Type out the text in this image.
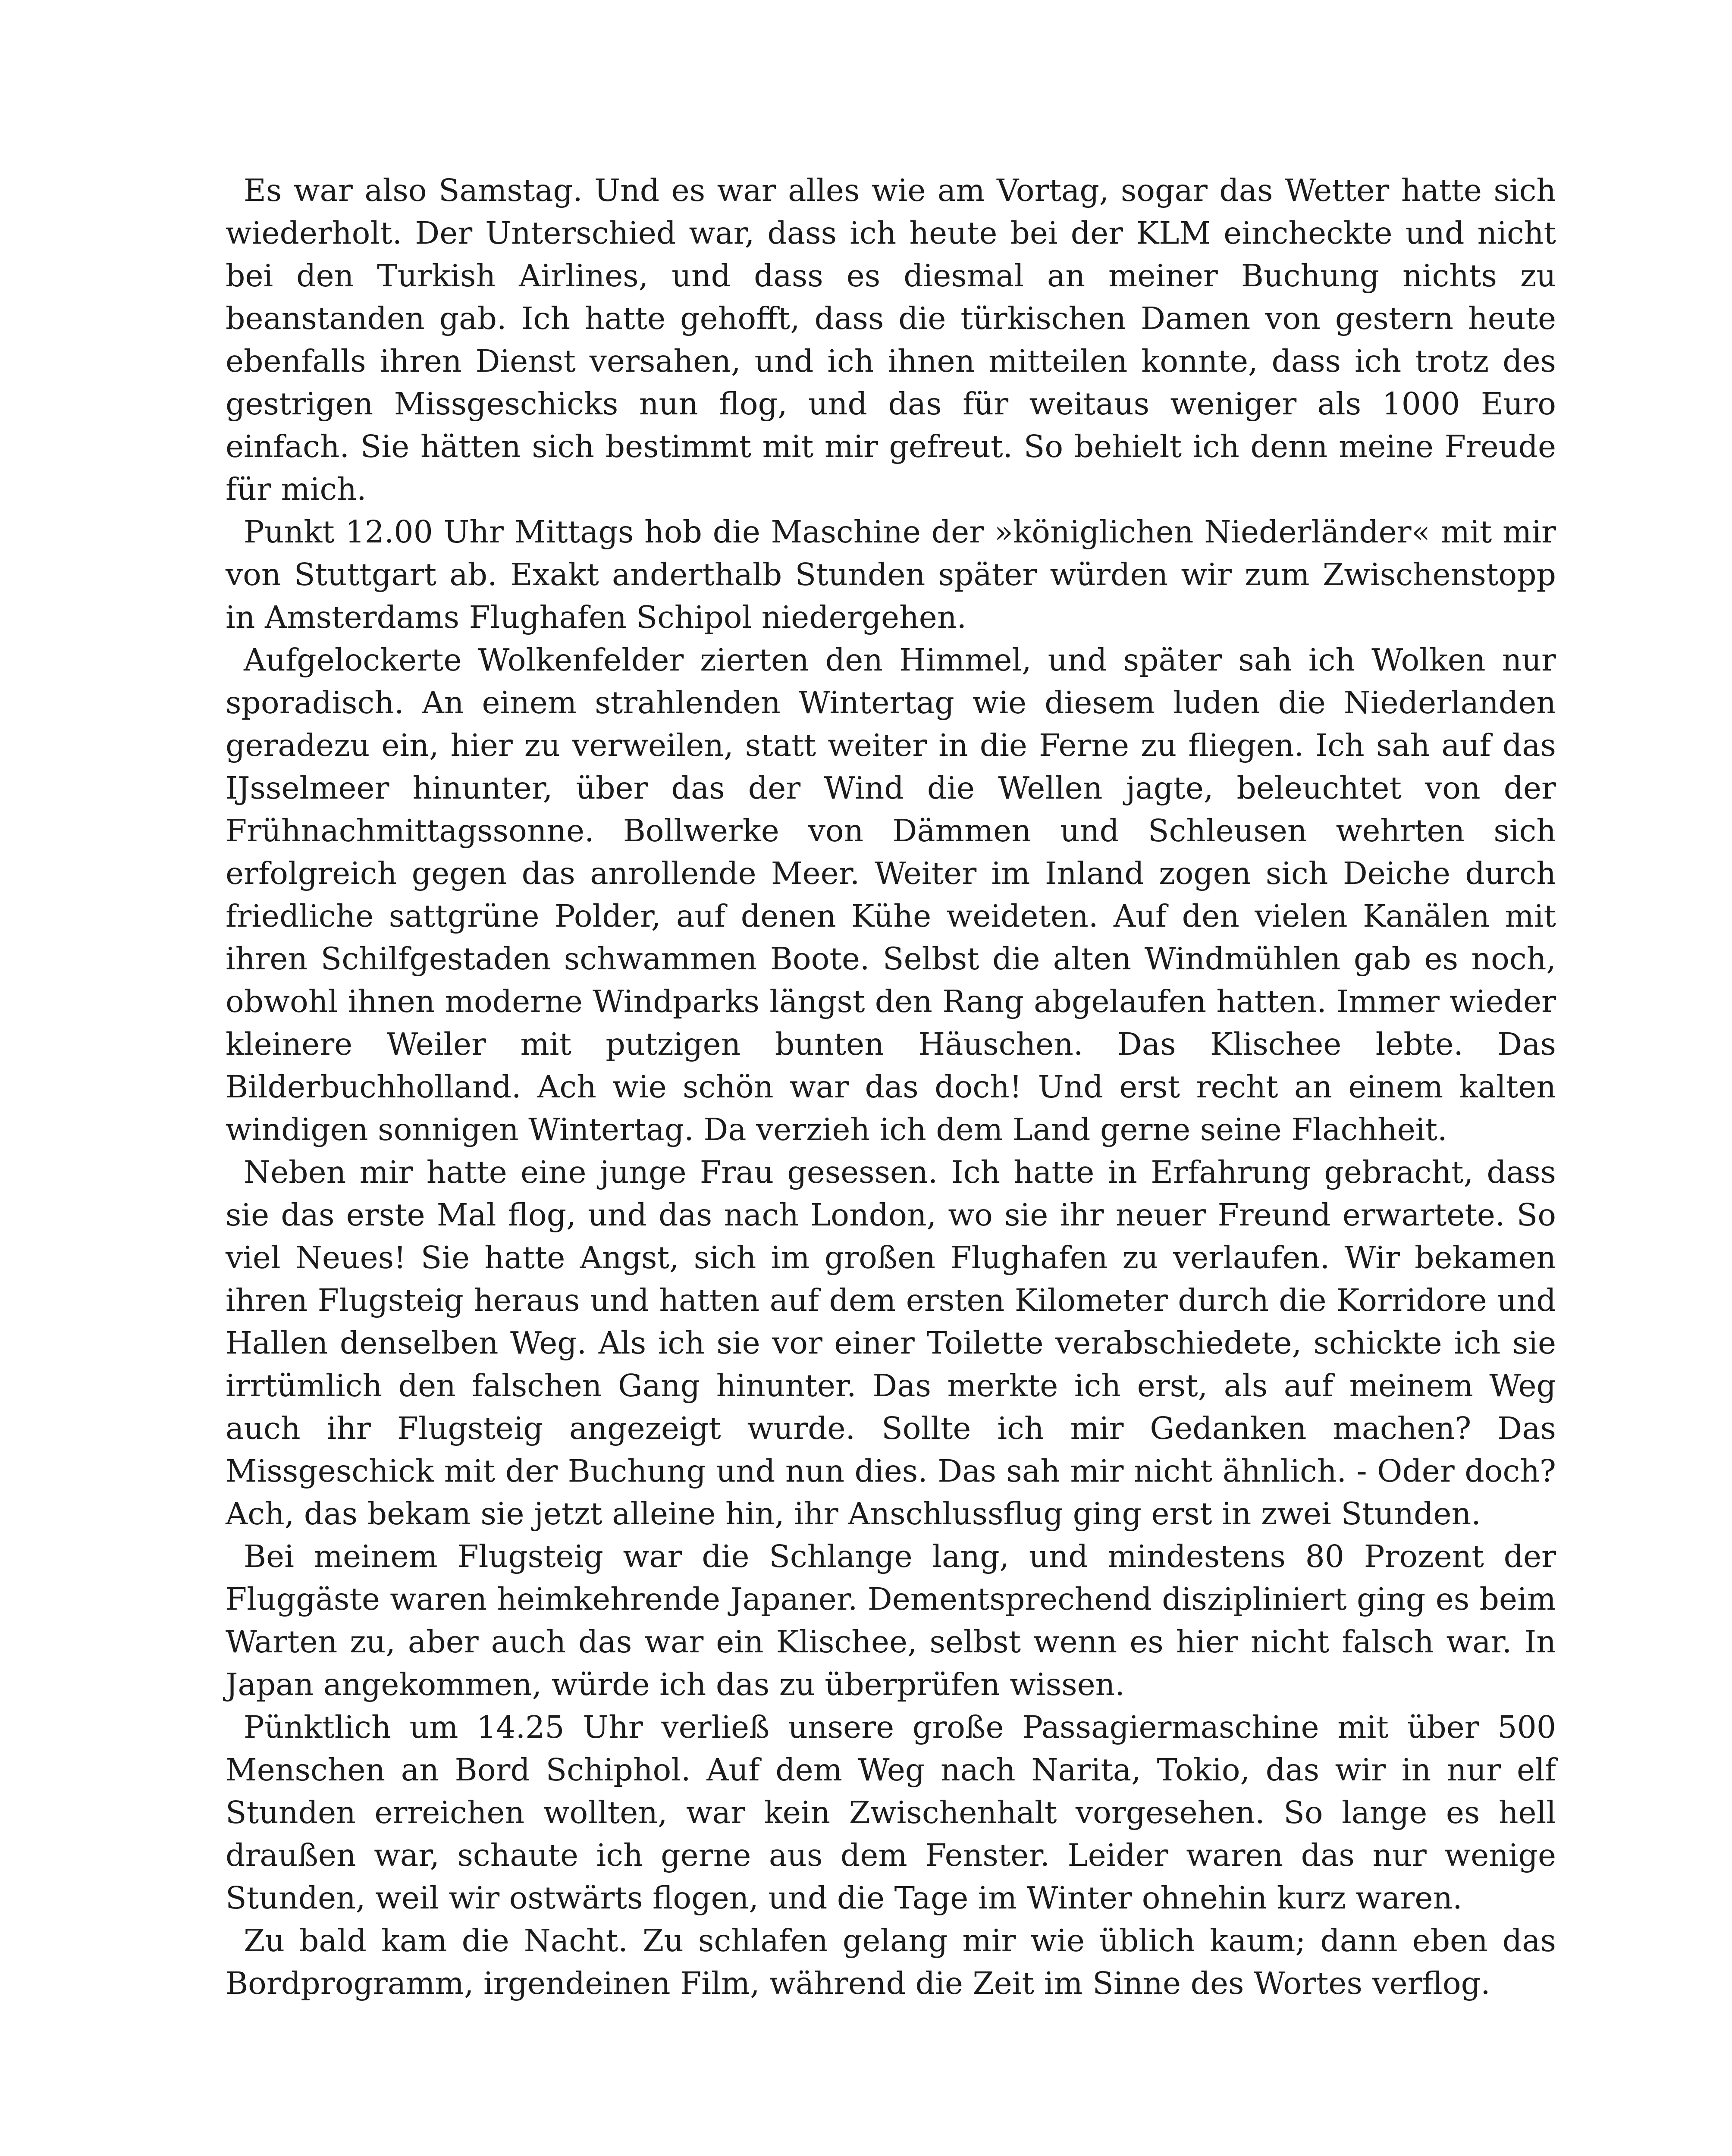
Es war also Samstag. Und es war alles wie am Vortag, sogar das Wetter hatte sich wiederholt. Der Unterschied war, dass ich heute bei der KLM eincheckte und nicht bei den Turkish Airlines, und dass es diesmal an meiner Buchung nichts zu beanstanden gab. Ich hatte gehofft, dass die türkischen Damen von gestern heute ebenfalls ihren Dienst versahen, und ich ihnen mitteilen konnte, dass ich trotz des gestrigen Missgeschicks nun flog, und das für weitaus weniger als 1000 Euro einfach. Sie hätten sich bestimmt mit mir gefreut. So behielt ich denn meine Freude für mich.

Punkt 12.00 Uhr Mittags hob die Maschine der »königlichen Niederländer« mit mir von Stuttgart ab. Exakt anderthalb Stunden später würden wir zum Zwischenstopp in Amsterdams Flughafen Schipol niedergehen.

Aufgelockerte Wolkenfelder zierten den Himmel, und später sah ich Wolken nur sporadisch. An einem strahlenden Wintertag wie diesem luden die Niederlanden geradezu ein, hier zu verweilen, statt weiter in die Ferne zu fliegen. Ich sah auf das IJsselmeer hinunter, über das der Wind die Wellen jagte, beleuchtet von der Frühnachmittagssonne. Bollwerke von Dämmen und Schleusen wehrten sich erfolgreich gegen das anrollende Meer. Weiter im Inland zogen sich Deiche durch friedliche sattgrüne Polder, auf denen Kühe weideten. Auf den vielen Kanälen mit ihren Schilfgestaden schwammen Boote. Selbst die alten Windmühlen gab es noch, obwohl ihnen moderne Windparks längst den Rang abgelaufen hatten. Immer wieder kleinere Weiler mit putzigen bunten Häuschen. Das Klischee lebte. Das Bilderbuchholland. Ach wie schön war das doch! Und erst recht an einem kalten windigen sonnigen Wintertag. Da verzieh ich dem Land gerne seine Flachheit.

Neben mir hatte eine junge Frau gesessen. Ich hatte in Erfahrung gebracht, dass sie das erste Mal flog, und das nach London, wo sie ihr neuer Freund erwartete. So viel Neues! Sie hatte Angst, sich im großen Flughafen zu verlaufen. Wir bekamen ihren Flugsteig heraus und hatten auf dem ersten Kilometer durch die Korridore und Hallen denselben Weg. Als ich sie vor einer Toilette verabschiedete, schickte ich sie irrtümlich den falschen Gang hinunter. Das merkte ich erst, als auf meinem Weg auch ihr Flugsteig angezeigt wurde. Sollte ich mir Gedanken machen? Das Missgeschick mit der Buchung und nun dies. Das sah mir nicht ähnlich. - Oder doch? Ach, das bekam sie jetzt alleine hin, ihr Anschlussflug ging erst in zwei Stunden.

Bei meinem Flugsteig war die Schlange lang, und mindestens 80 Prozent der Fluggäste waren heimkehrende Japaner. Dementsprechend diszipliniert ging es beim Warten zu, aber auch das war ein Klischee, selbst wenn es hier nicht falsch war. In Japan angekommen, würde ich das zu überprüfen wissen.

Pünktlich um 14.25 Uhr verließ unsere große Passagiermaschine mit über 500 Menschen an Bord Schiphol. Auf dem Weg nach Narita, Tokio, das wir in nur elf Stunden erreichen wollten, war kein Zwischenhalt vorgesehen. So lange es hell draußen war, schaute ich gerne aus dem Fenster. Leider waren das nur wenige Stunden, weil wir ostwärts flogen, und die Tage im Winter ohnehin kurz waren.

Zu bald kam die Nacht. Zu schlafen gelang mir wie üblich kaum; dann eben das Bordprogramm, irgendeinen Film, während die Zeit im Sinne des Wortes verflog.
